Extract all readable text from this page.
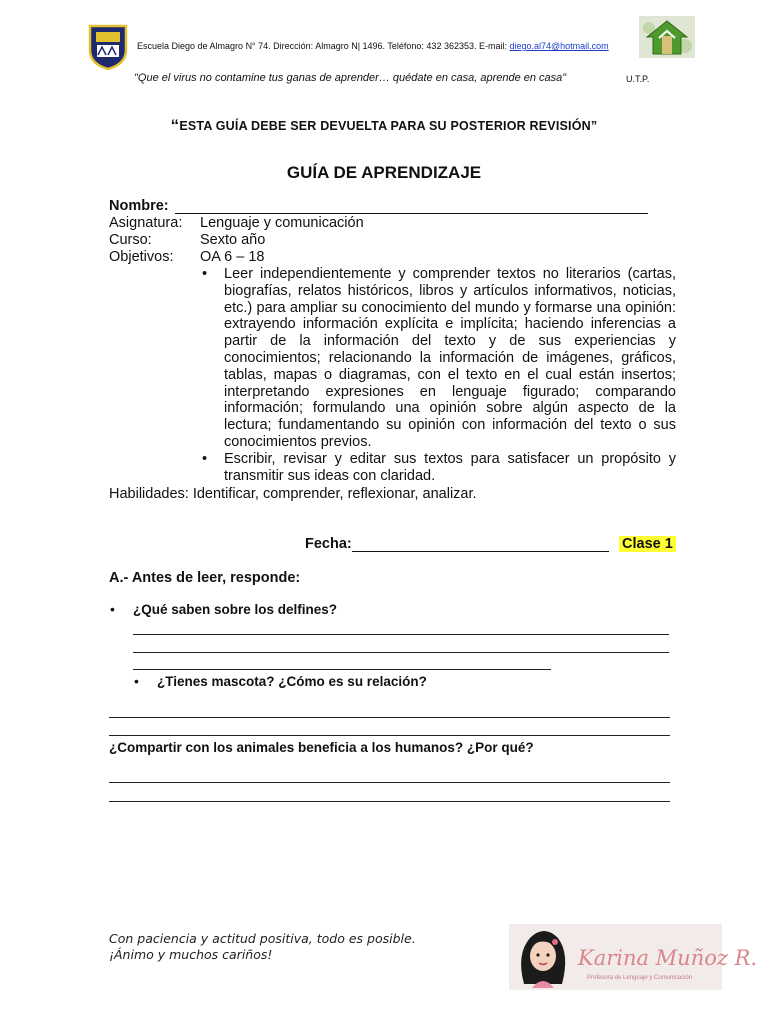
Escuela Diego de Almagro N° 74. Dirección: Almagro N| 1496. Teléfono: 432 362353. E-mail: diego.al74@hotmail.com
"Que el virus no contamine tus ganas de aprender… quédate en casa, aprende en casa"	U.T.P.
“ESTA GUÍA DEBE SER DEVUELTA PARA SU POSTERIOR REVISIÓN”
GUÍA DE APRENDIZAJE
Nombre:
Asignatura: Lenguaje y comunicación
Curso:	Sexto año
Objetivos: OA 6 – 18
• Leer independientemente y comprender textos no literarios (cartas, biografías, relatos históricos, libros y artículos informativos, noticias, etc.) para ampliar su conocimiento del mundo y formarse una opinión: extrayendo información explícita e implícita; haciendo inferencias a partir de la información del texto y de sus experiencias y conocimientos; relacionando la información de imágenes, gráficos, tablas, mapas o diagramas, con el texto en el cual están insertos; interpretando expresiones en lenguaje figurado; comparando información; formulando una opinión sobre algún aspecto de la lectura; fundamentando su opinión con información del texto o sus conocimientos previos.
• Escribir, revisar y editar sus textos para satisfacer un propósito y transmitir sus ideas con claridad.
Habilidades: Identificar, comprender, reflexionar, analizar.
Fecha:	Clase 1
A.- Antes de leer, responde:
• ¿Qué saben sobre los delfines?
• ¿Tienes mascota? ¿Cómo es su relación?
¿Compartir con los animales beneficia a los humanos? ¿Por qué?
Con paciencia y actitud positiva, todo es posible.
¡Ánimo y muchos cariños!	Karina Muñoz R.
Profesora de Lenguaje y Comunicación
